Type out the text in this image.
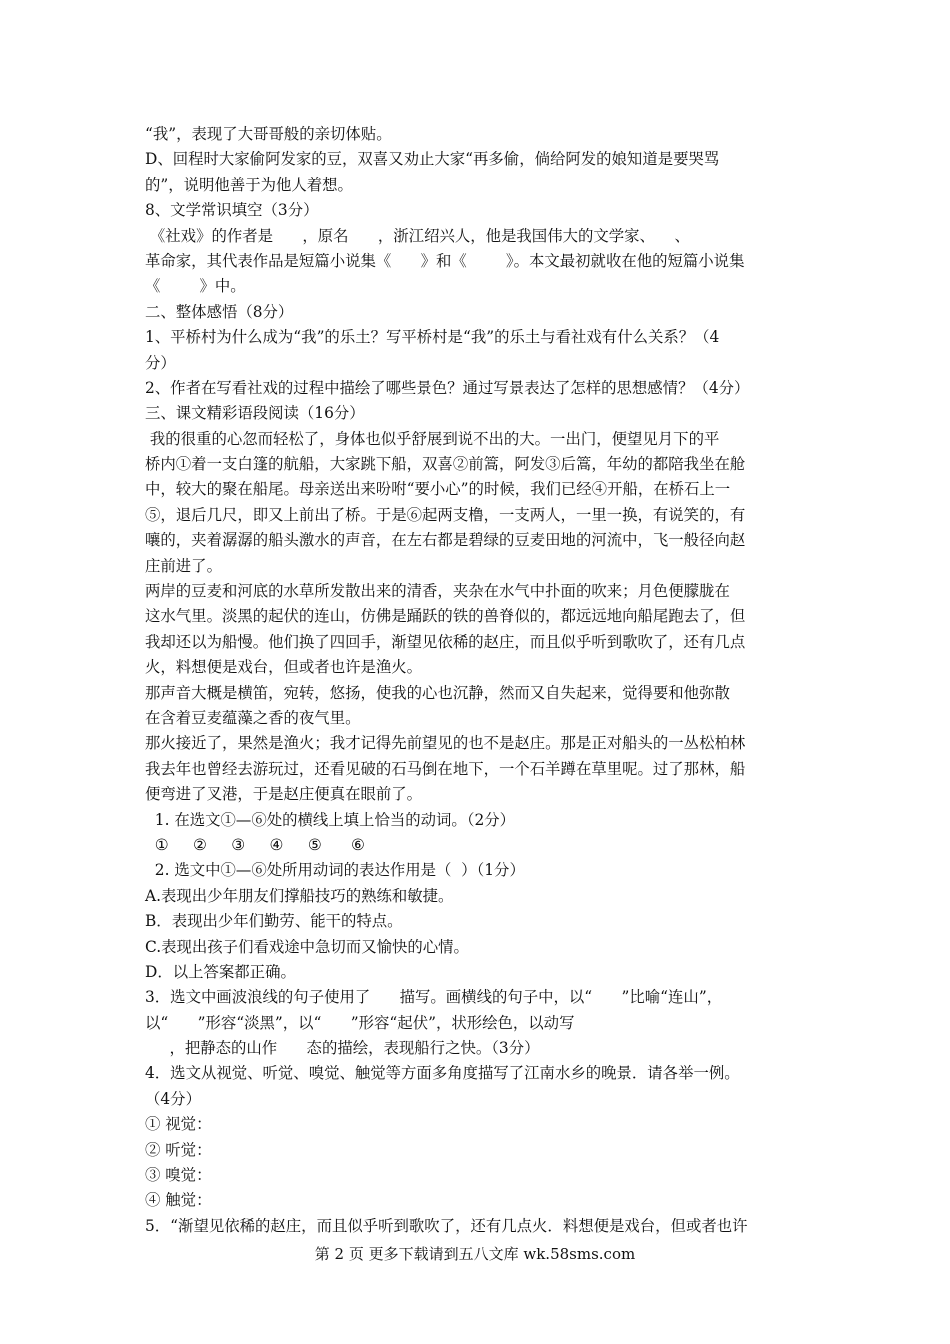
“我”，表现了大哥哥般的亲切体贴。
D、回程时大家偷阿发家的豆，双喜又劝止大家“再多偷，倘给阿发的娘知道是要哭骂
的”，说明他善于为他人着想。
8、文学常识填空（3分）
《社戏》的作者是      ，原名      ，浙江绍兴人，他是我国伟大的文学家、    、
革命家，其代表作品是短篇小说集《      》和《        》。本文最初就收在他的短篇小说集
《        》中。
二、整体感悟（8分）
1、平桥村为什么成为“我”的乐土？写平桥村是“我”的乐土与看社戏有什么关系？（4
分）
2、作者在写看社戏的过程中描绘了哪些景色？通过写景表达了怎样的思想感情？（4分）
三、课文精彩语段阅读（16分）
我的很重的心忽而轻松了，身体也似乎舒展到说不出的大。一出门，便望见月下的平
桥内①着一支白篷的航船，大家跳下船，双喜②前篙，阿发③后篙，年幼的都陪我坐在舱
中，较大的聚在船尾。母亲送出来吩咐“要小心”的时候，我们已经④开船，在桥石上一
⑤，退后几尺，即又上前出了桥。于是⑥起两支橹，一支两人，一里一换，有说笑的，有
嚷的，夹着潺潺的船头激水的声音，在左右都是碧绿的豆麦田地的河流中，飞一般径向赵
庄前进了。
两岸的豆麦和河底的水草所发散出来的清香，夹杂在水气中扑面的吹来；月色便朦胧在
这水气里。淡黑的起伏的连山，仿佛是踊跃的铁的兽脊似的，都远远地向船尾跑去了，但
我却还以为船慢。他们换了四回手，渐望见依稀的赵庄，而且似乎听到歌吹了，还有几点
火，料想便是戏台，但或者也许是渔火。
那声音大概是横笛，宛转，悠扬，使我的心也沉静，然而又自失起来，觉得要和他弥散
在含着豆麦蕴藻之香的夜气里。
那火接近了，果然是渔火；我才记得先前望见的也不是赵庄。那是正对船头的一丛松柏林
我去年也曾经去游玩过，还看见破的石马倒在地下，一个石羊蹲在草里呢。过了那林，船
便弯进了叉港，于是赵庄便真在眼前了。
1. 在选文①—⑥处的横线上填上恰当的动词。（2分）
①     ②     ③     ④     ⑤      ⑥
2. 选文中①—⑥处所用动词的表达作用是（  ）（1分）
A.表现出少年朋友们撑船技巧的熟练和敏捷。
B．表现出少年们勤劳、能干的特点。
C.表现出孩子们看戏途中急切而又愉快的心情。
D．以上答案都正确。
3．选文中画波浪线的句子使用了      描写。画横线的句子中，以“      ”比喻“连山”，
以“      ”形容“淡黑”，以“      ”形容“起伏”，状形绘色，以动写
，把静态的山作      态的描绘，表现船行之快。（3分）
4．选文从视觉、听觉、嗅觉、触觉等方面多角度描写了江南水乡的晚景．请各举一例。
（4分）
① 视觉：
② 听觉：
③ 嗅觉：
④ 触觉：
5．“渐望见依稀的赵庄，而且似乎听到歌吹了，还有几点火．料想便是戏台，但或者也许
第 2 页 更多下载请到五八文库 wk.58sms.com
